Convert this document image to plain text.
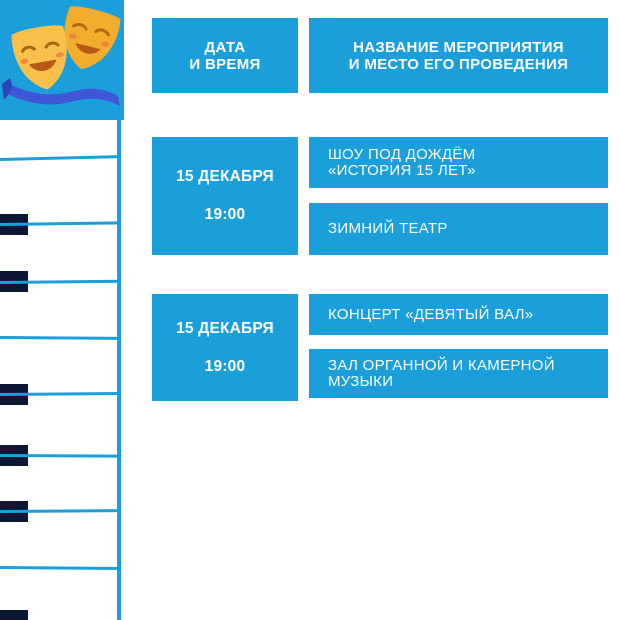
ДАТА
И ВРЕМЯ
НАЗВАНИЕ МЕРОПРИЯТИЯ
И МЕСТО ЕГО ПРОВЕДЕНИЯ
15 ДЕКАБРЯ
19:00
ШОУ ПОД ДОЖДЁМ
«ИСТОРИЯ 15 ЛЕТ»
ЗИМНИЙ ТЕАТР
15 ДЕКАБРЯ
19:00
КОНЦЕРТ «ДЕВЯТЫЙ ВАЛ»
ЗАЛ ОРГАННОЙ И КАМЕРНОЙ
МУЗЫКИ
